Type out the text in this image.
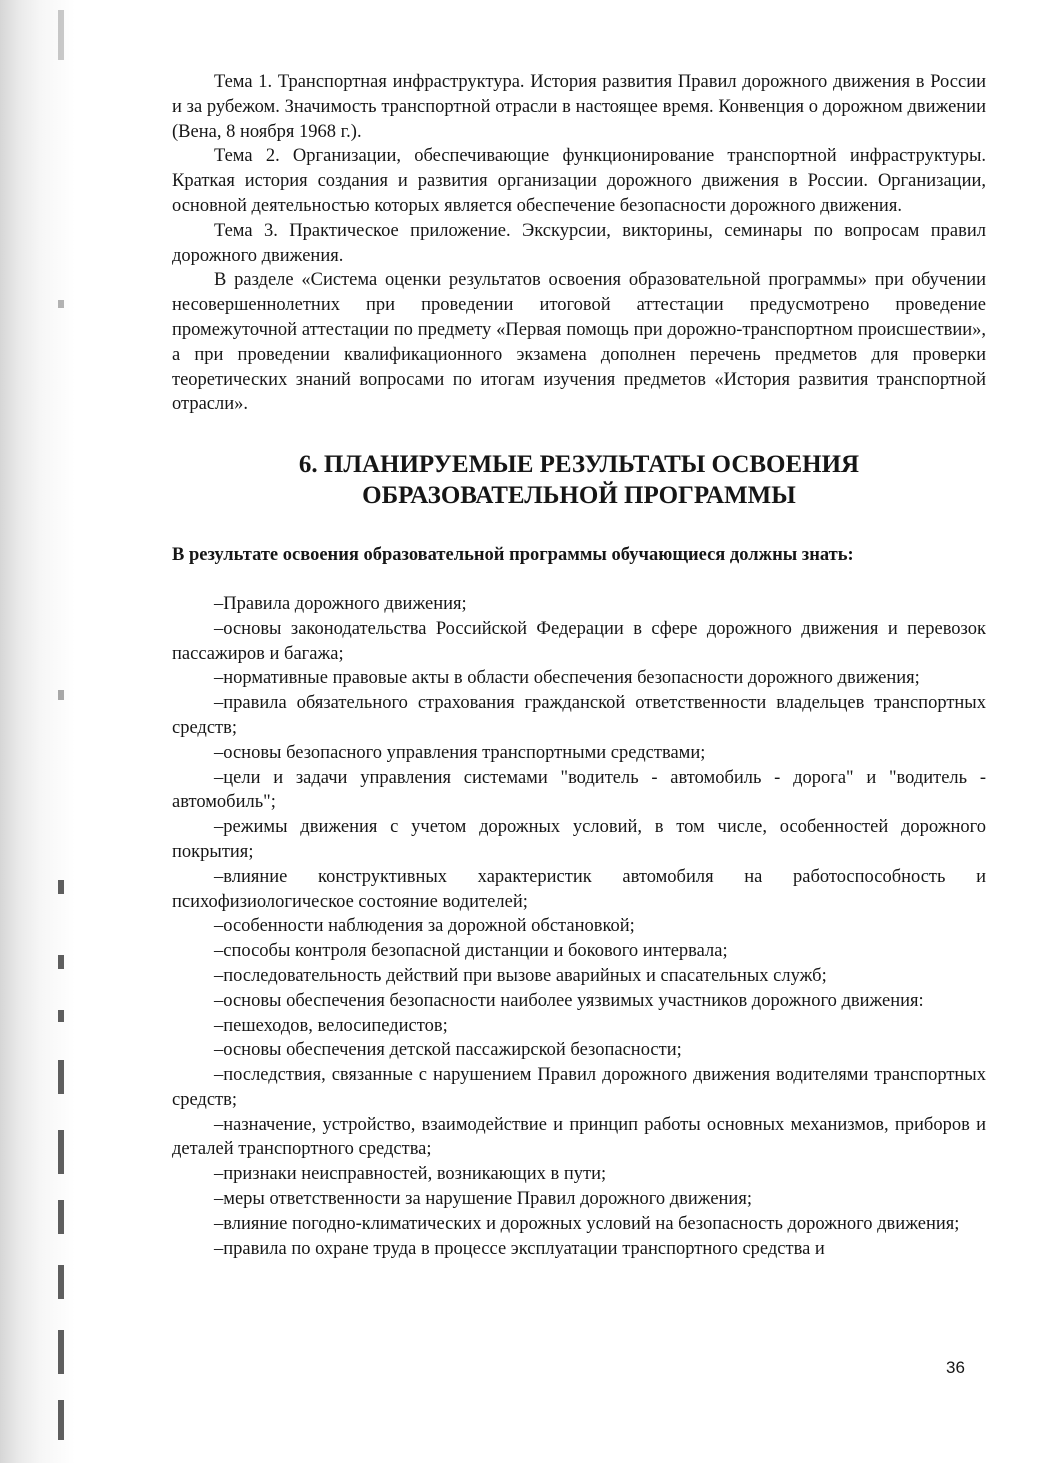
Тема 1. Транспортная инфраструктура. История развития Правил дорожного движения в России и за рубежом. Значимость транспортной отрасли в настоящее время. Конвенция о дорожном движении (Вена, 8 ноября 1968 г.).

Тема 2. Организации, обеспечивающие функционирование транспортной инфраструктуры. Краткая история создания и развития организации дорожного движения в России. Организации, основной деятельностью которых является обеспечение безопасности дорожного движения.

Тема 3. Практическое приложение. Экскурсии, викторины, семинары по вопросам правил дорожного движения.

В разделе «Система оценки результатов освоения образовательной программы» при обучении несовершеннолетних при проведении итоговой аттестации предусмотрено проведение промежуточной аттестации по предмету «Первая помощь при дорожно-транспортном происшествии», а при проведении квалификационного экзамена дополнен перечень предметов для проверки теоретических знаний вопросами по итогам изучения предметов «История развития транспортной отрасли».

6. ПЛАНИРУЕМЫЕ РЕЗУЛЬТАТЫ ОСВОЕНИЯ
ОБРАЗОВАТЕЛЬНОЙ ПРОГРАММЫ

В результате освоения образовательной программы обучающиеся должны знать:

–Правила дорожного движения;

–основы законодательства Российской Федерации в сфере дорожного движения и перевозок пассажиров и багажа;

–нормативные правовые акты в области обеспечения безопасности дорожного движения;

–правила обязательного страхования гражданской ответственности владельцев транспортных средств;

–основы безопасного управления транспортными средствами;

–цели и задачи управления системами "водитель - автомобиль - дорога" и "водитель - автомобиль";

–режимы движения с учетом дорожных условий, в том числе, особенностей дорожного покрытия;

–влияние конструктивных характеристик автомобиля на работоспособность и психофизиологическое состояние водителей;

–особенности наблюдения за дорожной обстановкой;

–способы контроля безопасной дистанции и бокового интервала;

–последовательность действий при вызове аварийных и спасательных служб;

–основы обеспечения безопасности наиболее уязвимых участников дорожного движения:

–пешеходов, велосипедистов;

–основы обеспечения детской пассажирской безопасности;

–последствия, связанные с нарушением Правил дорожного движения водителями транспортных средств;

–назначение, устройство, взаимодействие и принцип работы основных механизмов, приборов и деталей транспортного средства;

–признаки неисправностей, возникающих в пути;

–меры ответственности за нарушение Правил дорожного движения;

–влияние погодно-климатических и дорожных условий на безопасность дорожного движения;

–правила по охране труда в процессе эксплуатации транспортного средства и

36
